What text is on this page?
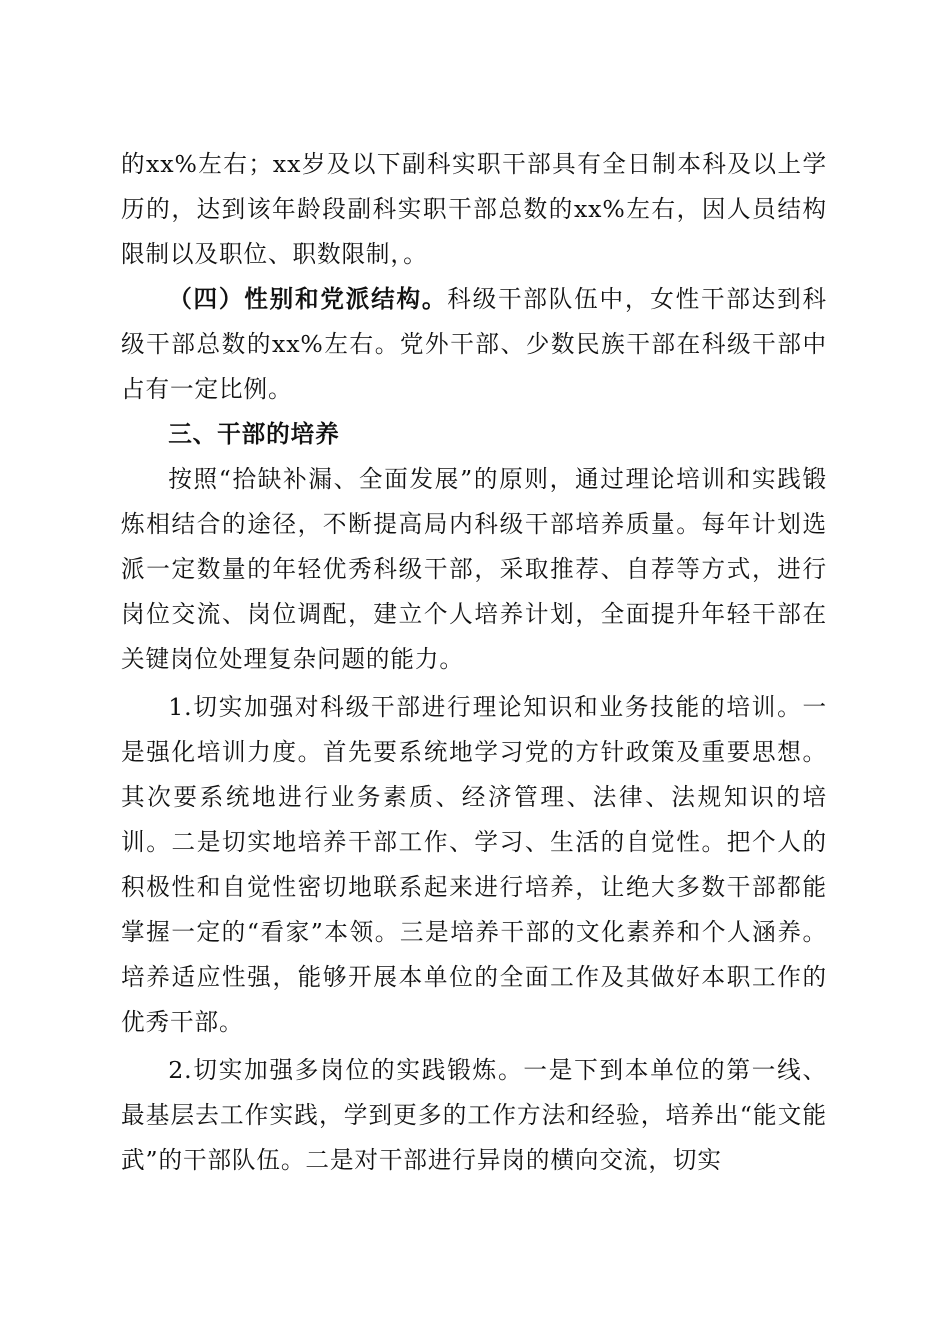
的xx%左右；xx岁及以下副科实职干部具有全日制本科及以上学历的，达到该年龄段副科实职干部总数的xx%左右，因人员结构限制以及职位、职数限制，。

（四）性别和党派结构。科级干部队伍中，女性干部达到科级干部总数的xx%左右。党外干部、少数民族干部在科级干部中占有一定比例。

三、干部的培养

按照“拾缺补漏、全面发展”的原则，通过理论培训和实践锻炼相结合的途径，不断提高局内科级干部培养质量。每年计划选派一定数量的年轻优秀科级干部，采取推荐、自荐等方式，进行岗位交流、岗位调配，建立个人培养计划，全面提升年轻干部在关键岗位处理复杂问题的能力。

1.切实加强对科级干部进行理论知识和业务技能的培训。一是强化培训力度。首先要系统地学习党的方针政策及重要思想。其次要系统地进行业务素质、经济管理、法律、法规知识的培训。二是切实地培养干部工作、学习、生活的自觉性。把个人的积极性和自觉性密切地联系起来进行培养，让绝大多数干部都能掌握一定的“看家”本领。三是培养干部的文化素养和个人涵养。培养适应性强，能够开展本单位的全面工作及其做好本职工作的优秀干部。

2.切实加强多岗位的实践锻炼。一是下到本单位的第一线、最基层去工作实践，学到更多的工作方法和经验，培养出“能文能武”的干部队伍。二是对干部进行异岗的横向交流，切实
